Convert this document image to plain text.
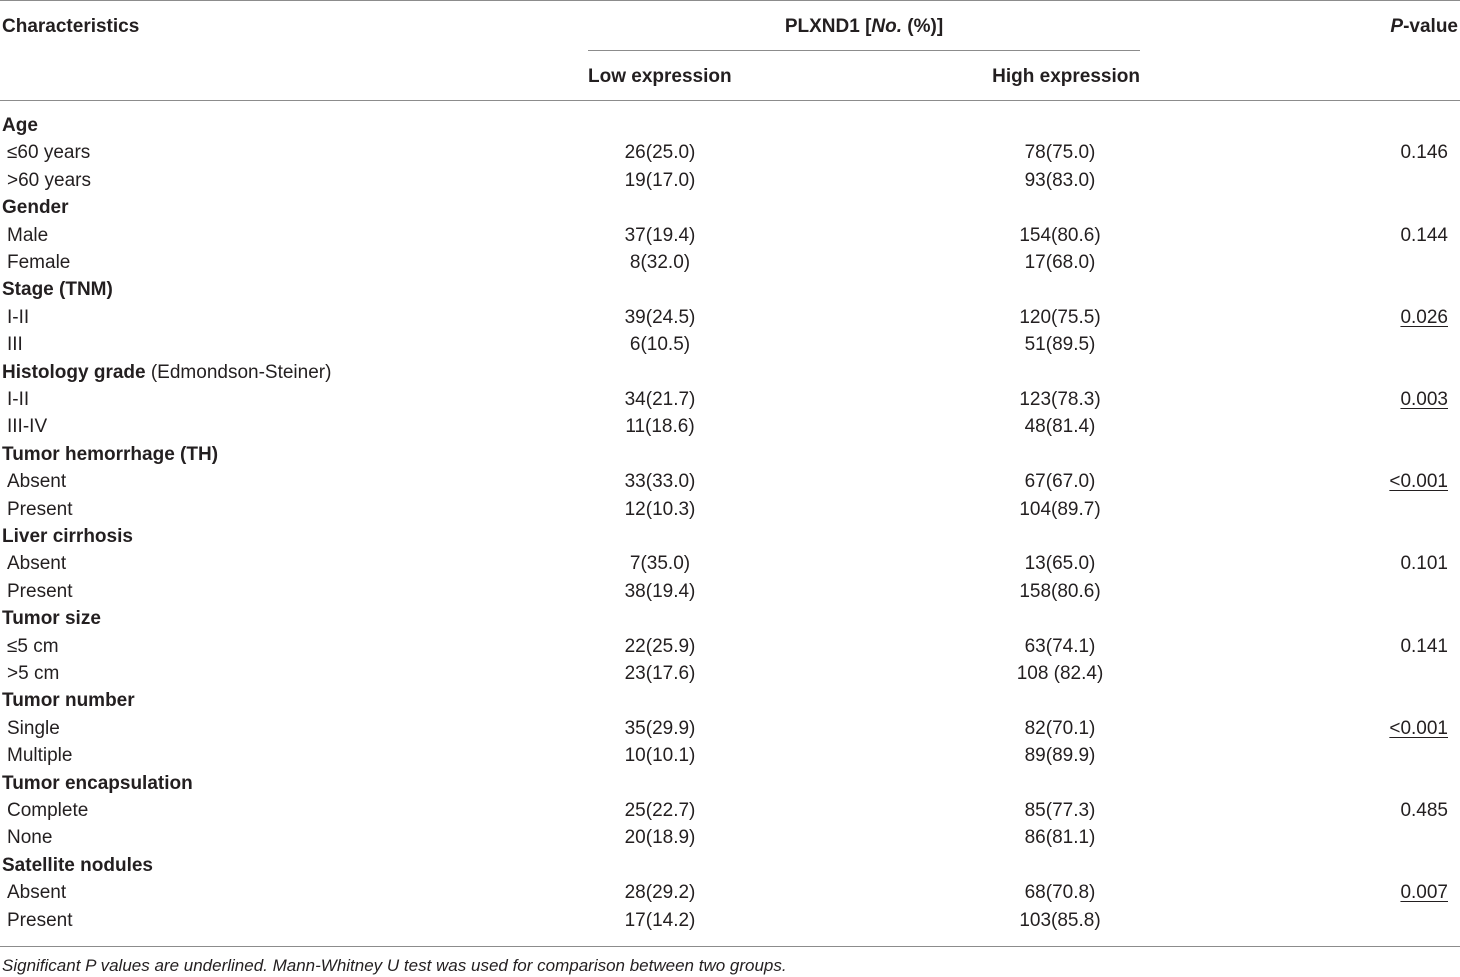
Characteristics	PLXND1 [No. (%)]	P-value
Low expression	High expression
Age
≤60 years	26(25.0)	78(75.0)	0.146
>60 years	19(17.0)	93(83.0)
Gender
Male	37(19.4)	154(80.6)	0.144
Female	8(32.0)	17(68.0)
Stage (TNM)
I-II	39(24.5)	120(75.5)	0.026
III	6(10.5)	51(89.5)
Histology grade (Edmondson-Steiner)
I-II	34(21.7)	123(78.3)	0.003
III-IV	11(18.6)	48(81.4)
Tumor hemorrhage (TH)
Absent	33(33.0)	67(67.0)	<0.001
Present	12(10.3)	104(89.7)
Liver cirrhosis
Absent	7(35.0)	13(65.0)	0.101
Present	38(19.4)	158(80.6)
Tumor size
≤5 cm	22(25.9)	63(74.1)	0.141
>5 cm	23(17.6)	108 (82.4)
Tumor number
Single	35(29.9)	82(70.1)	<0.001
Multiple	10(10.1)	89(89.9)
Tumor encapsulation
Complete	25(22.7)	85(77.3)	0.485
None	20(18.9)	86(81.1)
Satellite nodules
Absent	28(29.2)	68(70.8)	0.007
Present	17(14.2)	103(85.8)
Significant P values are underlined. Mann-Whitney U test was used for comparison between two groups.
